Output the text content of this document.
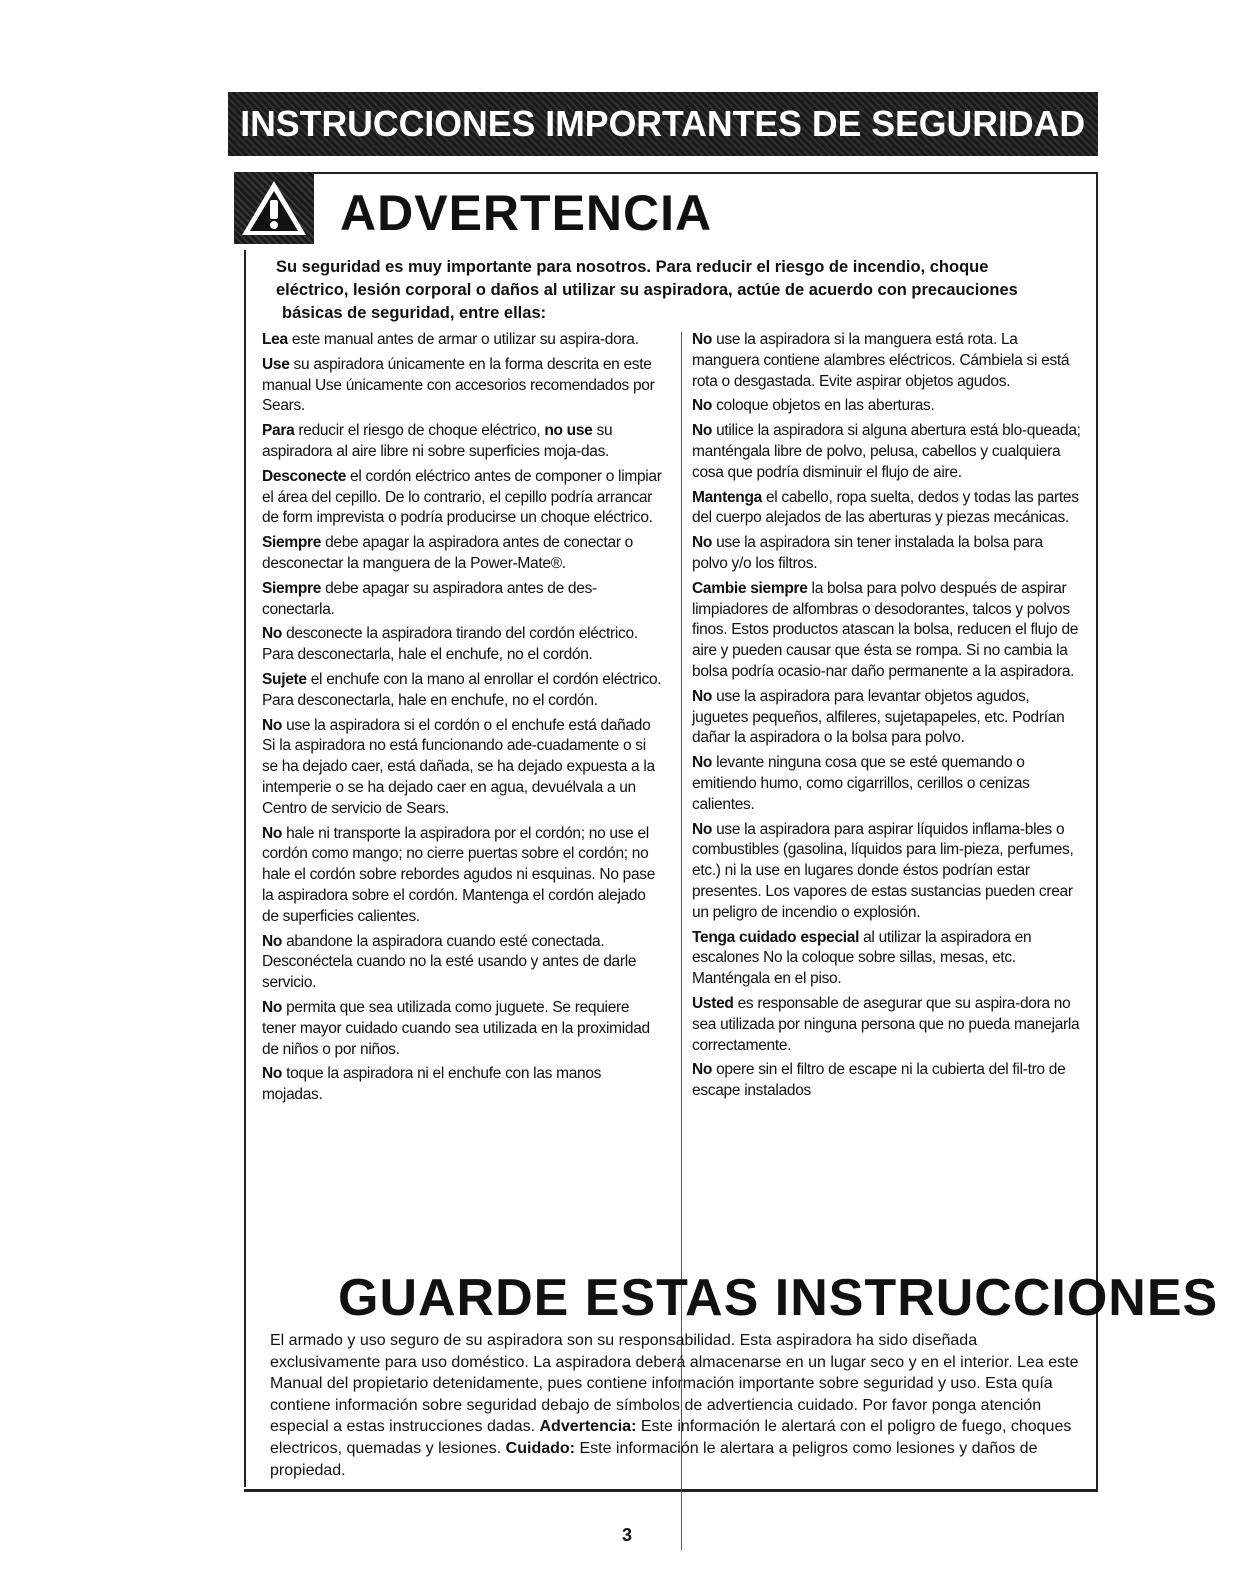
INSTRUCCIONES IMPORTANTES DE SEGURIDAD
ADVERTENCIA
Su seguridad es muy importante para nosotros. Para reducir el riesgo de incendio, choque
eléctrico, lesión corporal o daños al utilizar su aspiradora, actúe de acuerdo con precauciones
básicas de seguridad, entre ellas:
Lea este manual antes de armar o utilizar su aspira-dora.
Use su aspiradora únicamente en la forma descrita en este manual Use únicamente con accesorios recomendados por Sears.
Para reducir el riesgo de choque eléctrico, no use su aspiradora al aire libre ni sobre superficies moja-das.
Desconecte el cordón eléctrico antes de componer o limpiar el área del cepillo. De lo contrario, el cepillo podría arrancar de form imprevista o podría producirse un choque eléctrico.
Siempre debe apagar la aspiradora antes de conectar o desconectar la manguera de la Power-Mate®.
Siempre debe apagar su aspiradora antes de des-conectarla.
No desconecte la aspiradora tirando del cordón eléctrico. Para desconectarla, hale el enchufe, no el cordón.
Sujete el enchufe con la mano al enrollar el cordón eléctrico. Para desconectarla, hale en enchufe, no el cordón.
No use la aspiradora si el cordón o el enchufe está dañado Si la aspiradora no está funcionando ade-cuadamente o si se ha dejado caer, está dañada, se ha dejado expuesta a la intemperie o se ha dejado caer en agua, devuélvala a un Centro de servicio de Sears.
No hale ni transporte la aspiradora por el cordón; no use el cordón como mango; no cierre puertas sobre el cordón; no hale el cordón sobre rebordes agudos ni esquinas. No pase la aspiradora sobre el cordón. Mantenga el cordón alejado de superficies calientes.
No abandone la aspiradora cuando esté conectada. Desconéctela cuando no la esté usando y antes de darle servicio.
No permita que sea utilizada como juguete. Se requiere tener mayor cuidado cuando sea utilizada en la proximidad de niños o por niños.
No toque la aspiradora ni el enchufe con las manos mojadas.
No use la aspiradora si la manguera está rota. La manguera contiene alambres eléctricos. Cámbiela si está rota o desgastada. Evite aspirar objetos agudos.
No coloque objetos en las aberturas.
No utilice la aspiradora si alguna abertura está blo-queada; manténgala libre de polvo, pelusa, cabellos y cualquiera cosa que podría disminuir el flujo de aire.
Mantenga el cabello, ropa suelta, dedos y todas las partes del cuerpo alejados de las aberturas y piezas mecánicas.
No use la aspiradora sin tener instalada la bolsa para polvo y/o los filtros.
Cambie siempre la bolsa para polvo después de aspirar limpiadores de alfombras o desodorantes, talcos y polvos finos. Estos productos atascan la bolsa, reducen el flujo de aire y pueden causar que ésta se rompa. Si no cambia la bolsa podría ocasio-nar daño permanente a la aspiradora.
No use la aspiradora para levantar objetos agudos, juguetes pequeños, alfileres, sujetapapeles, etc. Podrían dañar la aspiradora o la bolsa para polvo.
No levante ninguna cosa que se esté quemando o emitiendo humo, como cigarrillos, cerillos o cenizas calientes.
No use la aspiradora para aspirar líquidos inflama-bles o combustibles (gasolina, líquidos para lim-pieza, perfumes, etc.) ni la use en lugares donde éstos podrían estar presentes. Los vapores de estas sustancias pueden crear un peligro de incendio o explosión.
Tenga cuidado especial al utilizar la aspiradora en escalones No la coloque sobre sillas, mesas, etc. Manténgala en el piso.
Usted es responsable de asegurar que su aspira-dora no sea utilizada por ninguna persona que no pueda manejarla correctamente.
No opere sin el filtro de escape ni la cubierta del fil-tro de escape instalados
GUARDE ESTAS INSTRUCCIONES
El armado y uso seguro de su aspiradora son su responsabilidad. Esta aspiradora ha sido diseñada exclusivamente para uso doméstico. La aspiradora deberá almacenarse en un lugar seco y en el interior. Lea este Manual del propietario detenidamente, pues contiene información importante sobre seguridad y uso. Esta quía contiene información sobre seguridad debajo de símbolos de advertiencia cuidado. Por favor ponga atención especial a estas instrucciones dadas. Advertencia: Este información le alertará con el poligro de fuego, choques electricos, quemadas y lesiones. Cuidado: Este información le alertara a peligros como lesiones y daños de propiedad.
3
